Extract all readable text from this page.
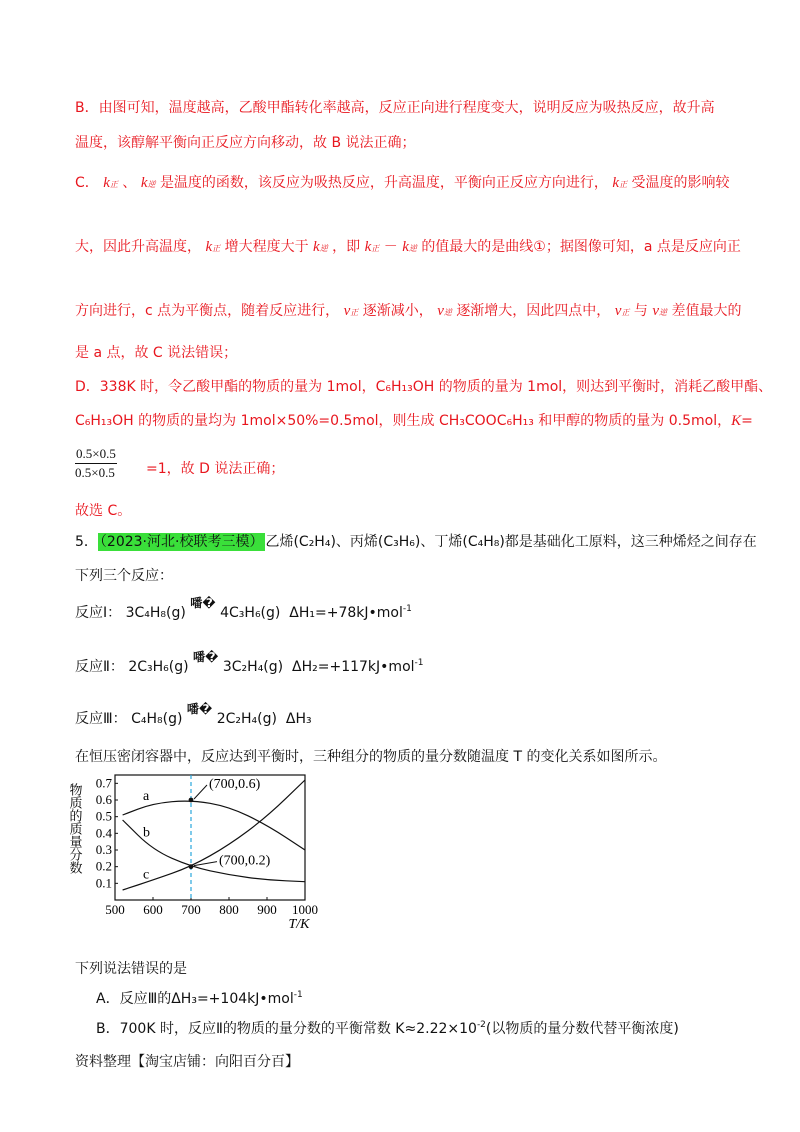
B．由图可知，温度越高，乙酸甲酯转化率越高，反应正向进行程度变大，说明反应为吸热反应，故升高
温度，该醇解平衡向正反应方向移动，故 B 说法正确；
C． k正 、 k逆 是温度的函数，该反应为吸热反应，升高温度，平衡向正反应方向进行， k正 受温度的影响较
大，因此升高温度， k正 增大程度大于 k逆 ，即 k正 － k逆 的值最大的是曲线①；据图像可知，a 点是反应向正
方向进行，c 点为平衡点，随着反应进行， v正 逐渐减小， v逆 逐渐增大，因此四点中， v正 与 v逆 差值最大的
是 a 点，故 C 说法错误；
D．338K 时，令乙酸甲酯的物质的量为 1mol，C₆H₁₃OH 的物质的量为 1mol，则达到平衡时，消耗乙酸甲酯、
C₆H₁₃OH 的物质的量均为 1mol×50%=0.5mol，则生成 CH₃COOC₆H₁₃ 和甲醇的物质的量为 0.5mol，K=
$\frac{0.5\times 0.5}{0.5\times 0.5} =1$，故 D 说法正确；
故选 C。
5． （2023·河北·校联考三模） 乙烯(C₂H₄)、丙烯(C₃H₆)、丁烯(C₄H₈)都是基础化工原料，这三种烯烃之间存在
下列三个反应：
反应Ⅰ： 3C₄H₈(g) 噃� 4C₃H₆(g) ΔH₁=+78kJ•mol$^{-1}$
反应Ⅱ： 2C₃H₆(g) 噃� 3C₂H₄(g) ΔH₂=+117kJ•mol$^{-1}$
反应Ⅲ： C₄H₈(g) 噃� 2C₂H₄(g) ΔH₃
在恒压密闭容器中，反应达到平衡时，三种组分的物质的量分数随温度 T 的变化关系如图所示。
500 600 700 800 900 1000
0.1
0.2
0.3
0.4
0.5
0.6
0.7
T/K
物质的质量分数	a
b
c
(700,0.6)
(700,0.2)
下列说法错误的是
A．反应Ⅲ的ΔH₃=+104kJ•mol$^{-1}$
B．700K 时，反应Ⅱ的物质的量分数的平衡常数 $K\approx 2.22\times 10^{-2}$(以物质的量分数代替平衡浓度)
资料整理【淘宝店铺：向阳百分百】
